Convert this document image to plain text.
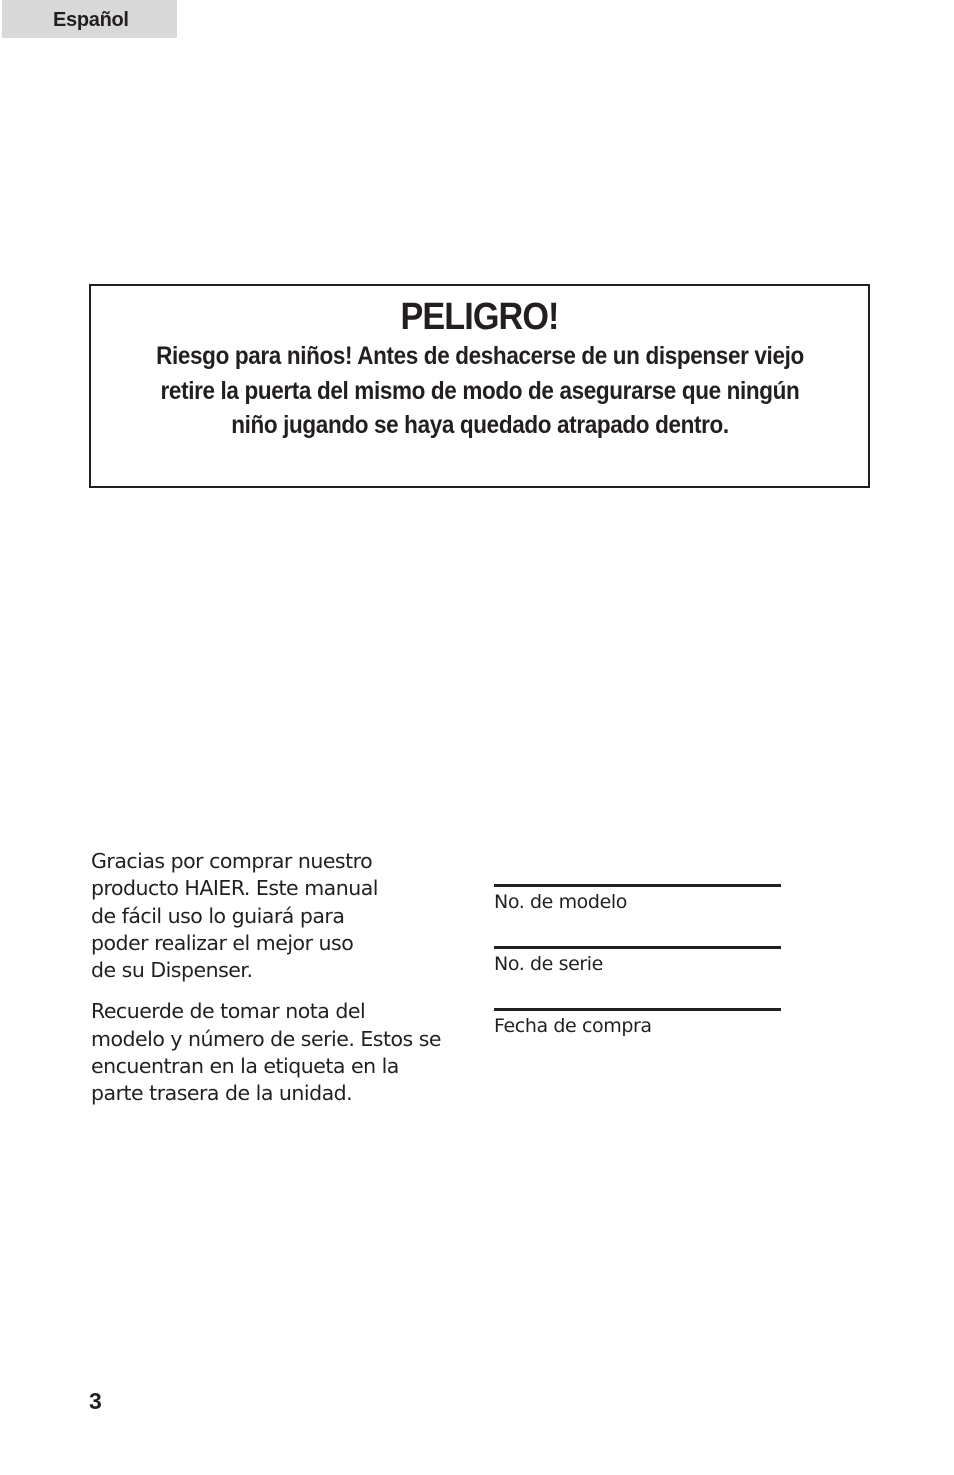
Español
PELIGRO!

Riesgo para niños! Antes de deshacerse de un dispenser viejo
retire la puerta del mismo de modo de asegurarse que ningún
niño jugando se haya quedado atrapado dentro.

Gracias por comprar nuestro
producto HAIER. Este manual
de fácil uso lo guiará para
poder realizar el mejor uso
de su Dispenser.

Recuerde de tomar nota del
modelo y número de serie. Estos se
encuentran en la etiqueta en la
parte trasera de la unidad.

No. de modelo
No. de serie
Fecha de compra
3
